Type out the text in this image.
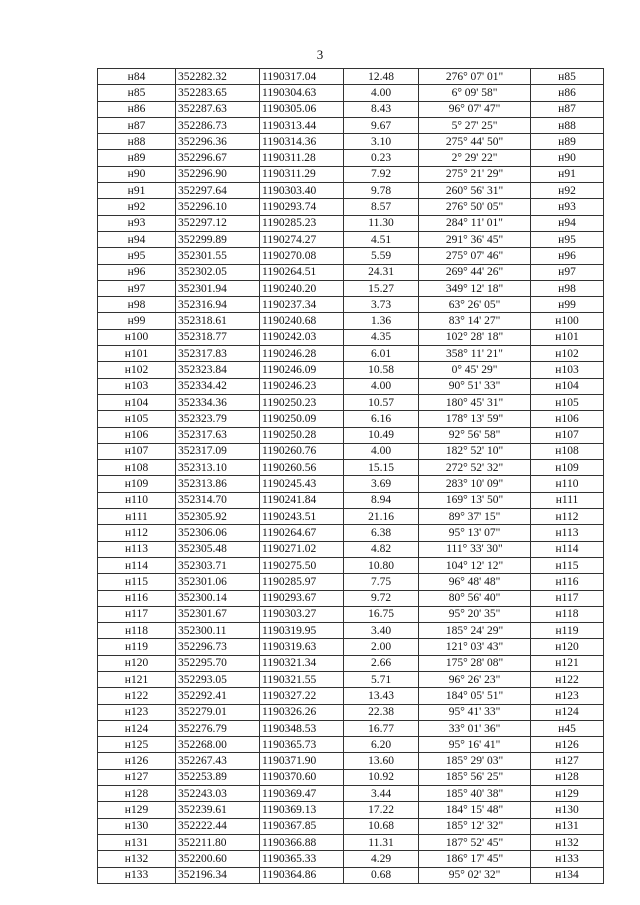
3
н84	352282.32	1190317.04	12.48	276° 07' 01"	н85
н85	352283.65	1190304.63	4.00	6° 09' 58"	н86
н86	352287.63	1190305.06	8.43	96° 07' 47"	н87
н87	352286.73	1190313.44	9.67	5° 27' 25"	н88
н88	352296.36	1190314.36	3.10	275° 44' 50"	н89
н89	352296.67	1190311.28	0.23	2° 29' 22"	н90
н90	352296.90	1190311.29	7.92	275° 21' 29"	н91
н91	352297.64	1190303.40	9.78	260° 56' 31"	н92
н92	352296.10	1190293.74	8.57	276° 50' 05"	н93
н93	352297.12	1190285.23	11.30	284° 11' 01"	н94
н94	352299.89	1190274.27	4.51	291° 36' 45"	н95
н95	352301.55	1190270.08	5.59	275° 07' 46"	н96
н96	352302.05	1190264.51	24.31	269° 44' 26"	н97
н97	352301.94	1190240.20	15.27	349° 12' 18"	н98
н98	352316.94	1190237.34	3.73	63° 26' 05"	н99
н99	352318.61	1190240.68	1.36	83° 14' 27"	н100
н100	352318.77	1190242.03	4.35	102° 28' 18"	н101
н101	352317.83	1190246.28	6.01	358° 11' 21"	н102
н102	352323.84	1190246.09	10.58	0° 45' 29"	н103
н103	352334.42	1190246.23	4.00	90° 51' 33"	н104
н104	352334.36	1190250.23	10.57	180° 45' 31"	н105
н105	352323.79	1190250.09	6.16	178° 13' 59"	н106
н106	352317.63	1190250.28	10.49	92° 56' 58"	н107
н107	352317.09	1190260.76	4.00	182° 52' 10"	н108
н108	352313.10	1190260.56	15.15	272° 52' 32"	н109
н109	352313.86	1190245.43	3.69	283° 10' 09"	н110
н110	352314.70	1190241.84	8.94	169° 13' 50"	н111
н111	352305.92	1190243.51	21.16	89° 37' 15"	н112
н112	352306.06	1190264.67	6.38	95° 13' 07"	н113
н113	352305.48	1190271.02	4.82	111° 33' 30"	н114
н114	352303.71	1190275.50	10.80	104° 12' 12"	н115
н115	352301.06	1190285.97	7.75	96° 48' 48"	н116
н116	352300.14	1190293.67	9.72	80° 56' 40"	н117
н117	352301.67	1190303.27	16.75	95° 20' 35"	н118
н118	352300.11	1190319.95	3.40	185° 24' 29"	н119
н119	352296.73	1190319.63	2.00	121° 03' 43"	н120
н120	352295.70	1190321.34	2.66	175° 28' 08"	н121
н121	352293.05	1190321.55	5.71	96° 26' 23"	н122
н122	352292.41	1190327.22	13.43	184° 05' 51"	н123
н123	352279.01	1190326.26	22.38	95° 41' 33"	н124
н124	352276.79	1190348.53	16.77	33° 01' 36"	н45
н125	352268.00	1190365.73	6.20	95° 16' 41"	н126
н126	352267.43	1190371.90	13.60	185° 29' 03"	н127
н127	352253.89	1190370.60	10.92	185° 56' 25"	н128
н128	352243.03	1190369.47	3.44	185° 40' 38"	н129
н129	352239.61	1190369.13	17.22	184° 15' 48"	н130
н130	352222.44	1190367.85	10.68	185° 12' 32"	н131
н131	352211.80	1190366.88	11.31	187° 52' 45"	н132
н132	352200.60	1190365.33	4.29	186° 17' 45"	н133
н133	352196.34	1190364.86	0.68	95° 02' 32"	н134
